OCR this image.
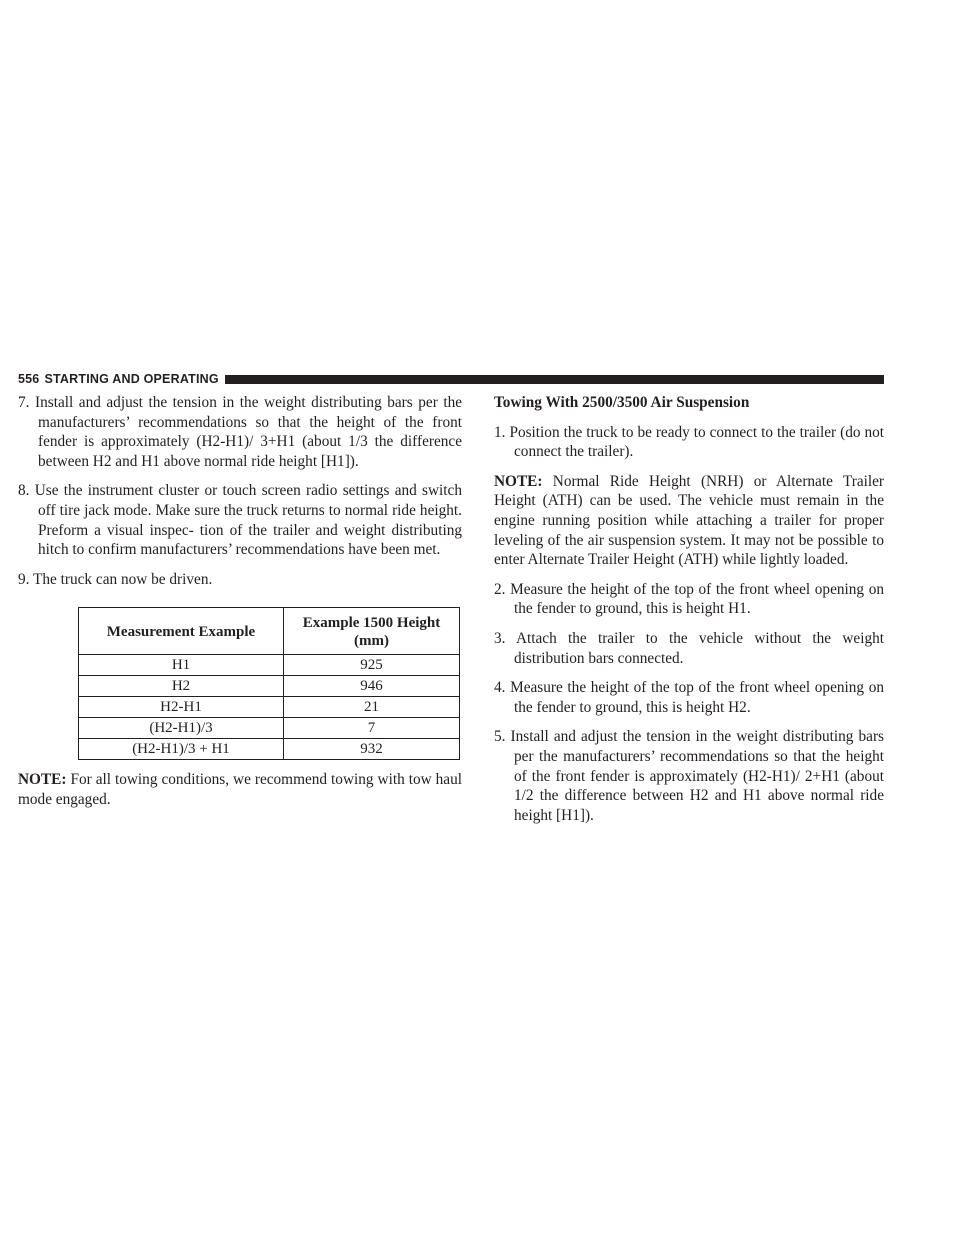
556 STARTING AND OPERATING
7. Install and adjust the tension in the weight distributing bars per the manufacturers’ recommendations so that the height of the front fender is approximately (H2-H1)/ 3+H1 (about 1/3 the difference between H2 and H1 above normal ride height [H1]).
8. Use the instrument cluster or touch screen radio settings and switch off tire jack mode. Make sure the truck returns to normal ride height. Preform a visual inspec- tion of the trailer and weight distributing hitch to confirm manufacturers’ recommendations have been met.
9. The truck can now be driven.
Measurement Example	Example 1500 Height (mm)
H1	925
H2	946
H2-H1	21
(H2-H1)/3	7
(H2-H1)/3 + H1	932
NOTE: For all towing conditions, we recommend towing with tow haul mode engaged.
Towing With 2500/3500 Air Suspension
1. Position the truck to be ready to connect to the trailer (do not connect the trailer).
NOTE: Normal Ride Height (NRH) or Alternate Trailer Height (ATH) can be used. The vehicle must remain in the engine running position while attaching a trailer for proper leveling of the air suspension system. It may not be possible to enter Alternate Trailer Height (ATH) while lightly loaded.
2. Measure the height of the top of the front wheel opening on the fender to ground, this is height H1.
3. Attach the trailer to the vehicle without the weight distribution bars connected.
4. Measure the height of the top of the front wheel opening on the fender to ground, this is height H2.
5. Install and adjust the tension in the weight distributing bars per the manufacturers’ recommendations so that the height of the front fender is approximately (H2-H1)/ 2+H1 (about 1/2 the difference between H2 and H1 above normal ride height [H1]).
